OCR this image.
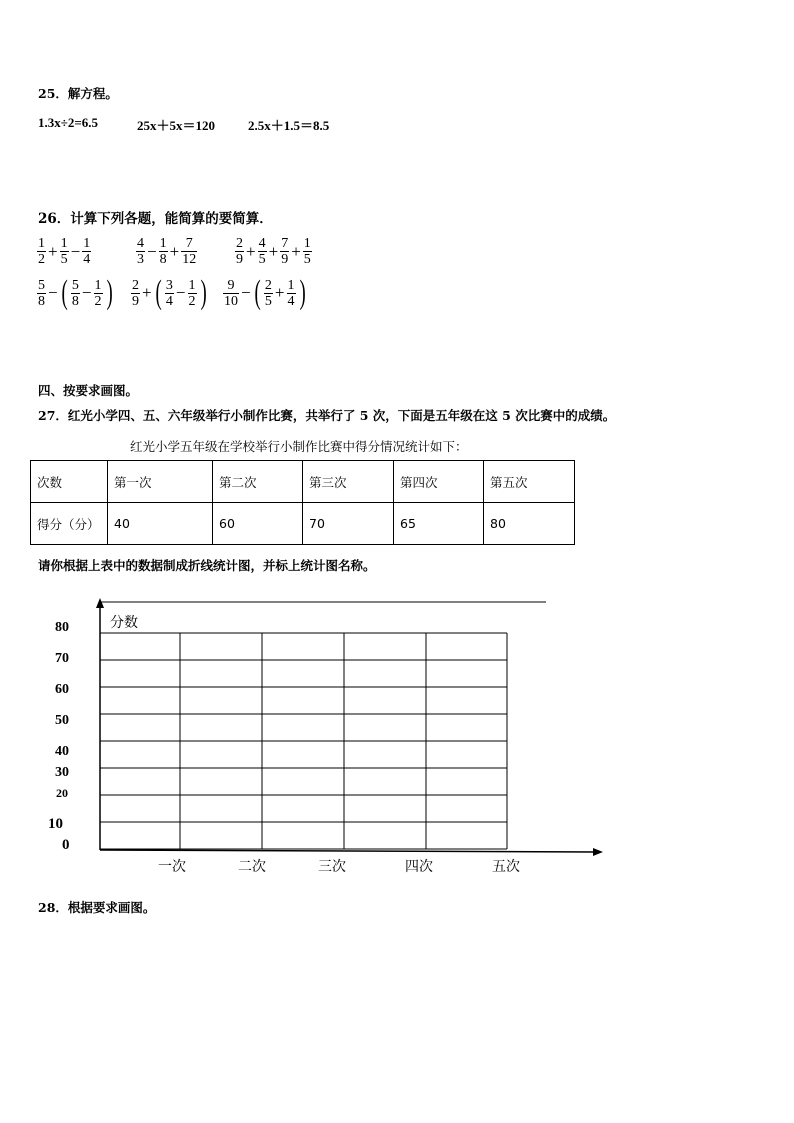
25．解方程。
1.3x÷2=6.5	25x＋5x＝120	2.5x＋1.5＝8.5
26．计算下列各题，能简算的要简算．
$\frac{1}{2} + \frac{1}{5} - \frac{1}{4}$	$\frac{4}{3} - \frac{1}{8} + \frac{7}{12}$	$\frac{2}{9} + \frac{4}{5} + \frac{7}{9} + \frac{1}{5}$
$\frac{5}{8}$ − ( $\frac{5}{8} - \frac{1}{2}$ ) $\frac{2}{9}$ + ( $\frac{3}{4} - \frac{1}{2}$ ) $\frac{9}{10}$ − ( $\frac{2}{5} + \frac{1}{4}$ )
四、按要求画图。
27．红光小学四、五、六年级举行小制作比赛，共举行了 5 次，下面是五年级在这 5 次比赛中的成绩。
红光小学五年级在学校举行小制作比赛中得分情况统计如下：
次数	第一次	第二次	第三次	第四次	第五次
得分（分）	40	60	70	65	80
请你根据上表中的数据制成折线统计图，并标上统计图名称。
80
70
60
50
40
30
20
10
0
一次	二次	三次	四次	五次
分数
28．根据要求画图。
